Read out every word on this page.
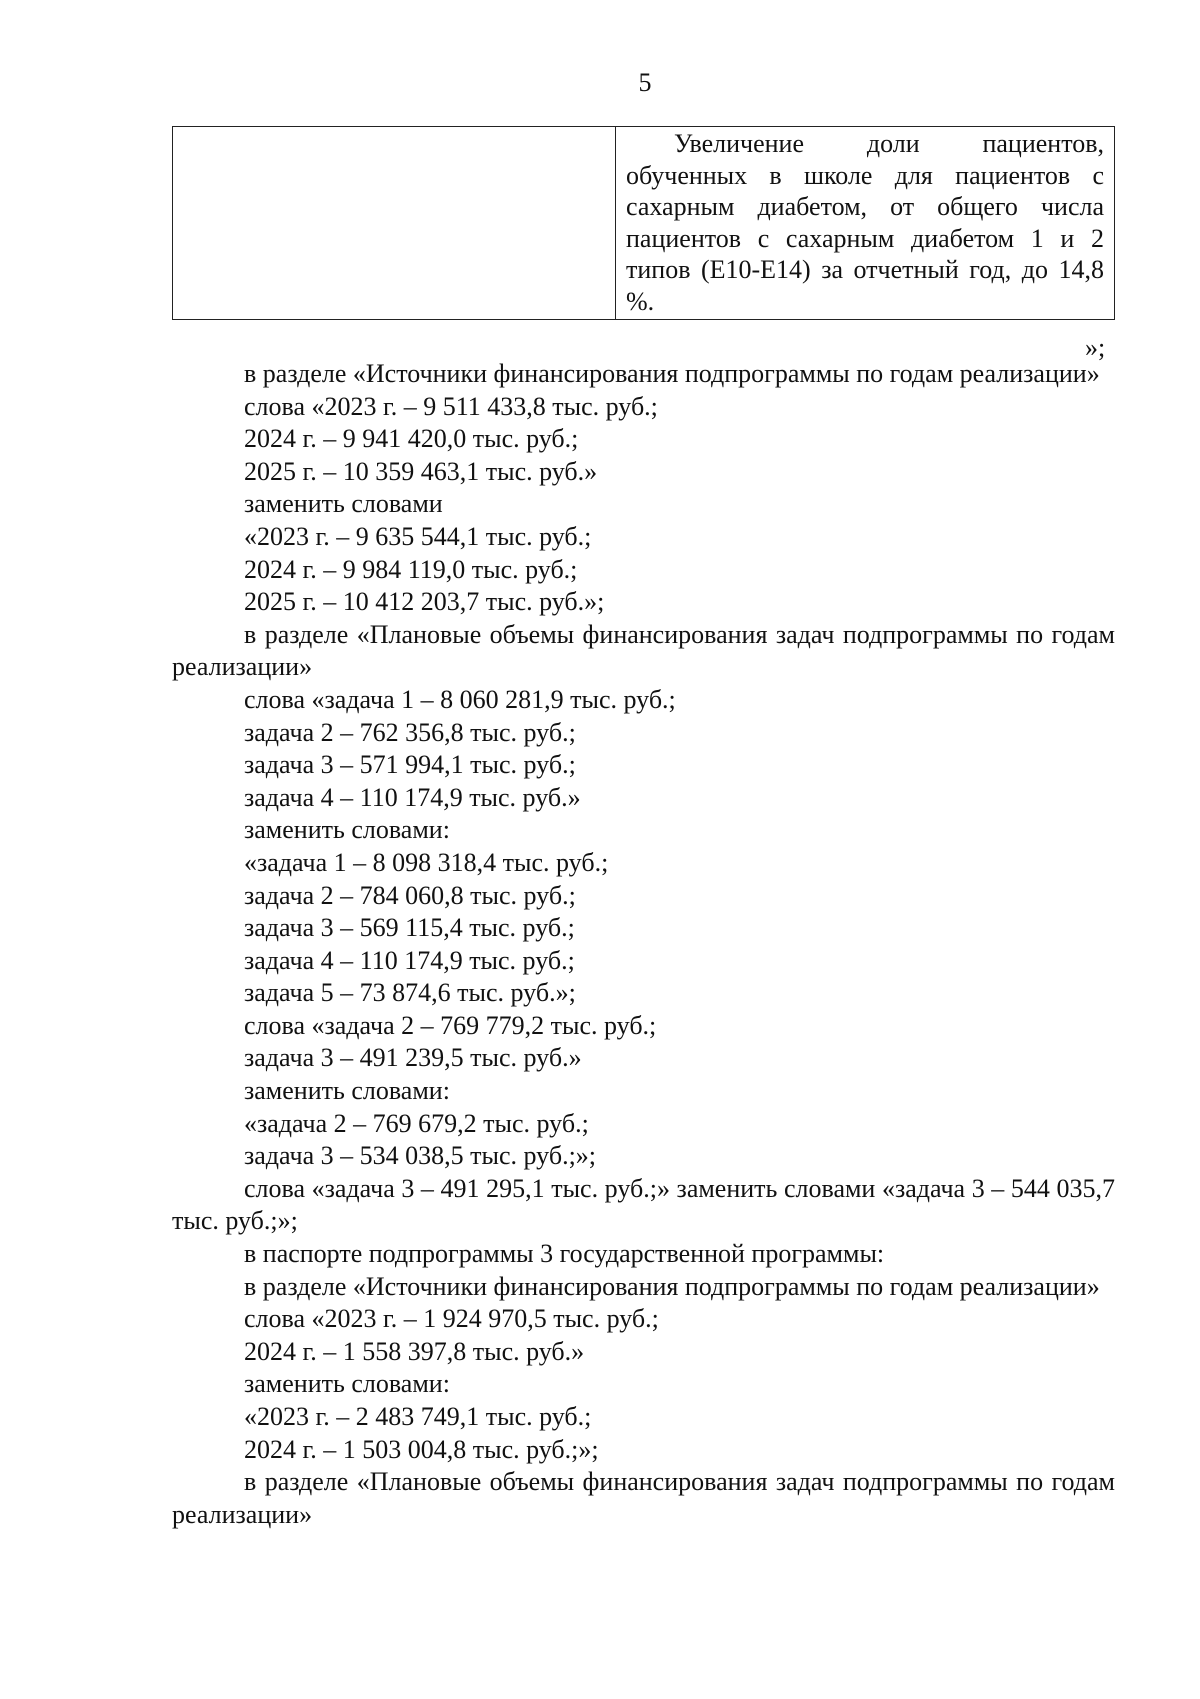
5

Увеличение доли пациентов, обученных в школе для пациентов с сахарным диабетом, от общего числа пациентов с сахарным диабетом 1 и 2 типов (Е10-Е14) за отчетный год, до 14,8 %.

»;

в разделе «Источники финансирования подпрограммы по годам реализации»

слова «2023 г. – 9 511 433,8 тыс. руб.;

2024 г. – 9 941 420,0 тыс. руб.;

2025 г. – 10 359 463,1 тыс. руб.»

заменить словами

«2023 г. – 9 635 544,1 тыс. руб.;

2024 г. – 9 984 119,0 тыс. руб.;

2025 г. – 10 412 203,7 тыс. руб.»;

в разделе «Плановые объемы финансирования задач подпрограммы по годам реализации»

слова «задача 1 – 8 060 281,9 тыс. руб.;

задача 2 – 762 356,8 тыс. руб.;

задача 3 – 571 994,1 тыс. руб.;

задача 4 – 110 174,9 тыс. руб.»

заменить словами:

«задача 1 – 8 098 318,4 тыс. руб.;

задача 2 – 784 060,8 тыс. руб.;

задача 3 – 569 115,4 тыс. руб.;

задача 4 – 110 174,9 тыс. руб.;

задача 5 – 73 874,6 тыс. руб.»;

слова «задача 2 – 769 779,2 тыс. руб.;

задача 3 – 491 239,5 тыс. руб.»

заменить словами:

«задача 2 – 769 679,2 тыс. руб.;

задача 3 – 534 038,5 тыс. руб.;»;

слова «задача 3 – 491 295,1 тыс. руб.;» заменить словами «задача 3 – 544 035,7 тыс. руб.;»;

в паспорте подпрограммы 3 государственной программы:

в разделе «Источники финансирования подпрограммы по годам реализации»

слова «2023 г. – 1 924 970,5 тыс. руб.;

2024 г. – 1 558 397,8 тыс. руб.»

заменить словами:

«2023 г. – 2 483 749,1 тыс. руб.;

2024 г. – 1 503 004,8 тыс. руб.;»;

в разделе «Плановые объемы финансирования задач подпрограммы по годам реализации»
